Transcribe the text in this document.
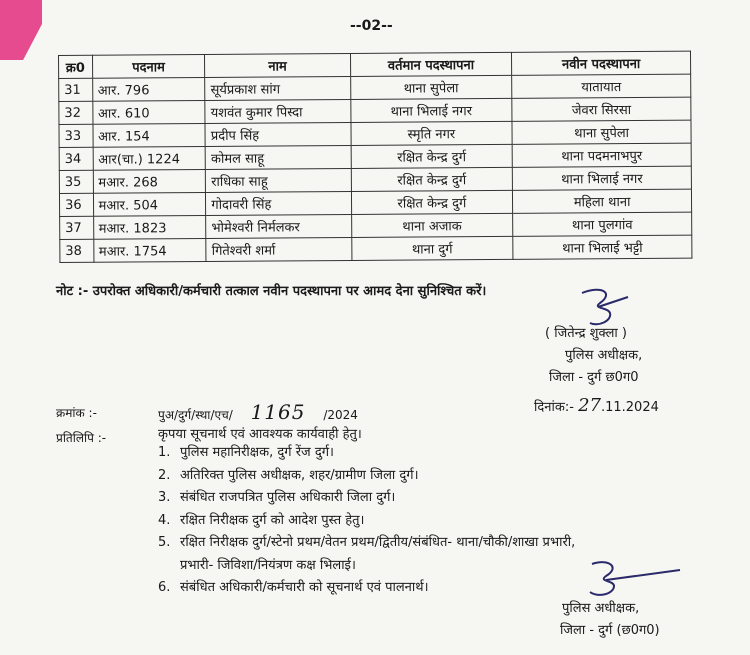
--02--
क्र0	पदनाम	नाम	वर्तमान पदस्थापना	नवीन पदस्थापना
31	आर. 796	सूर्यप्रकाश सांग	थाना सुपेला	यातायात
32	आर. 610	यशवंत कुमार पिस्दा	थाना भिलाई नगर	जेवरा सिरसा
33	आर. 154	प्रदीप सिंह	स्मृति नगर	थाना सुपेला
34	आर(चा.) 1224	कोमल साहू	रक्षित केन्द्र दुर्ग	थाना पदमनाभपुर
35	मआर. 268	राधिका साहू	रक्षित केन्द्र दुर्ग	थाना भिलाई नगर
36	मआर. 504	गोदावरी सिंह	रक्षित केन्द्र दुर्ग	महिला थाना
37	मआर. 1823	भोमेश्वरी निर्मलकर	थाना अजाक	थाना पुलगांव
38	मआर. 1754	गितेश्वरी शर्मा	थाना दुर्ग	थाना भिलाई भट्टी
नोट :- उपरोक्त अधिकारी/कर्मचारी तत्काल नवीन पदस्थापना पर आमद देना सुनिश्चित करें।
( जितेन्द्र शुक्ला )
पुलिस अधीक्षक,
जिला - दुर्ग छ0ग0
क्रमांक :-	पुअ/दुर्ग/स्था/एच/ 1165 /2024	दिनांक:- 27.11.2024
प्रतिलिपि :-	कृपया सूचनार्थ एवं आवश्यक कार्यवाही हेतु।
1. पुलिस महानिरीक्षक, दुर्ग रेंज दुर्ग।
2. अतिरिक्त पुलिस अधीक्षक, शहर/ग्रामीण जिला दुर्ग।
3. संबंधित राजपत्रित पुलिस अधिकारी जिला दुर्ग।
4. रक्षित निरीक्षक दुर्ग को आदेश पुस्त हेतु।
5. रक्षित निरीक्षक दुर्ग/स्टेनो प्रथम/वेतन प्रथम/द्वितीय/संबंधित- थाना/चौकी/शाखा प्रभारी,
प्रभारी- जिविशा/नियंत्रण कक्ष भिलाई।
6. संबंधित अधिकारी/कर्मचारी को सूचनार्थ एवं पालनार्थ।
पुलिस अधीक्षक,
जिला - दुर्ग (छ0ग0)
